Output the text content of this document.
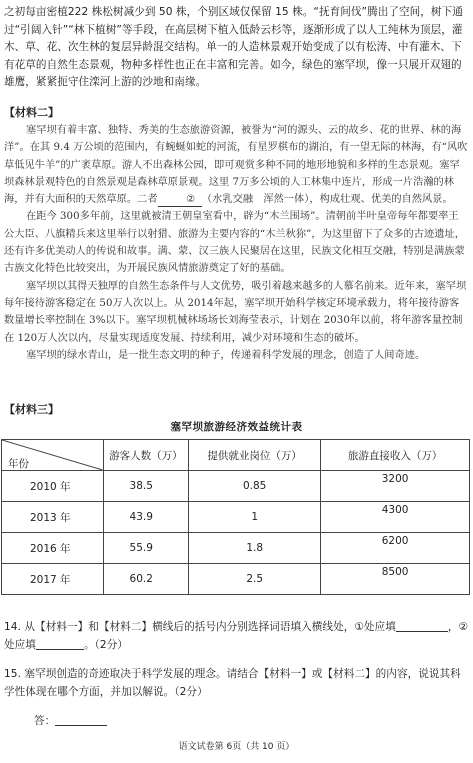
之初每亩密植222 株松树减少到 50 株，个别区域仅保留 15 株。“抚育间伐”腾出了空间，树下通过“引阔入针”“林下植树”等手段，在高层树下植入低龄云杉等，逐渐形成了以人工纯林为顶层，灌木、草、花、次生林的复层异龄混交结构。单一的人造林景观开始变成了以有松涛、中有灌木、下有花草的自然生态景观，物种多样性也正在丰富和完善。如今，绿色的塞罕坝，像一只展开双翅的雄鹰，紧紧扼守住滦河上游的沙地和南缘。

【材料二】

塞罕坝有着丰富、独特、秀美的生态旅游资源，被誉为“河的源头、云的故乡、花的世界、林的海洋”。在其 9.4 万公顷的范围内，有蜿蜒如蛇的河流，有星罗棋布的湖泊，有一望无际的林海，有“风吹草低见牛羊”的广袤草原。游人不出森林公园，即可观赏多种不同的地形地貌和多样的生态景观。塞罕坝森林景观特色的自然景观是森林草原景观。这里 7万多公顷的人工林集中连片，形成一片浩瀚的林海，并有大面积的天然草原。二者	② （水乳交融　浑然一体），构成壮观、优美的自然风景。

在距今 300多年前，这里就被清王朝皇室看中，辟为“木兰围场”。清朝前半叶皇帝每年都要率王公大臣、八旗精兵来这里举行以射猎、旅游为主要内容的“木兰秋狝”，为这里留下了众多的古迹遗址，还有许多优美动人的传说和故事。满、蒙、汉三族人民聚居在这里，民族文化相互交融，特别是满族蒙古族文化特色比较突出，为开展民族风情旅游奠定了好的基础。

塞罕坝以其得天独厚的自然生态条件与人文优势，吸引着越来越多的人慕名前来。近年来，塞罕坝每年接待游客稳定在 50万人次以上。从 2014年起，塞罕坝开始科学核定环境承载力，将年接待游客数量增长率控制在 3%以下。塞罕坝机械林场场长刘海莹表示，计划在 2030年以前，将年游客量控制在 120万人次以内，尽量实现适度发展、持续利用，减少对环境和生态的破坏。

塞罕坝的绿水青山，是一批生态文明的种子，传递着科学发展的理念，创造了人间奇迹。

【材料三】
塞罕坝旅游经济效益统计表
年份	游客人数（万）	提供就业岗位（万）	旅游直接收入（万）
2010 年	38.5	0.85	3200
2013 年	43.9	1	4300
2016 年	55.9	1.8	6200
2017 年	60.2	2.5	8500
14. 从【材料一】和【材料二】横线后的括号内分别选择词语填入横线处，①处应填	，②处应填	。（2分）
15. 塞罕坝创造的奇迹取决于科学发展的理念。请结合【材料一】或【材料二】的内容，说说其科学性体现在哪个方面，并加以解说。（2分）
答：
语文试卷第 6页（共 10 页）
